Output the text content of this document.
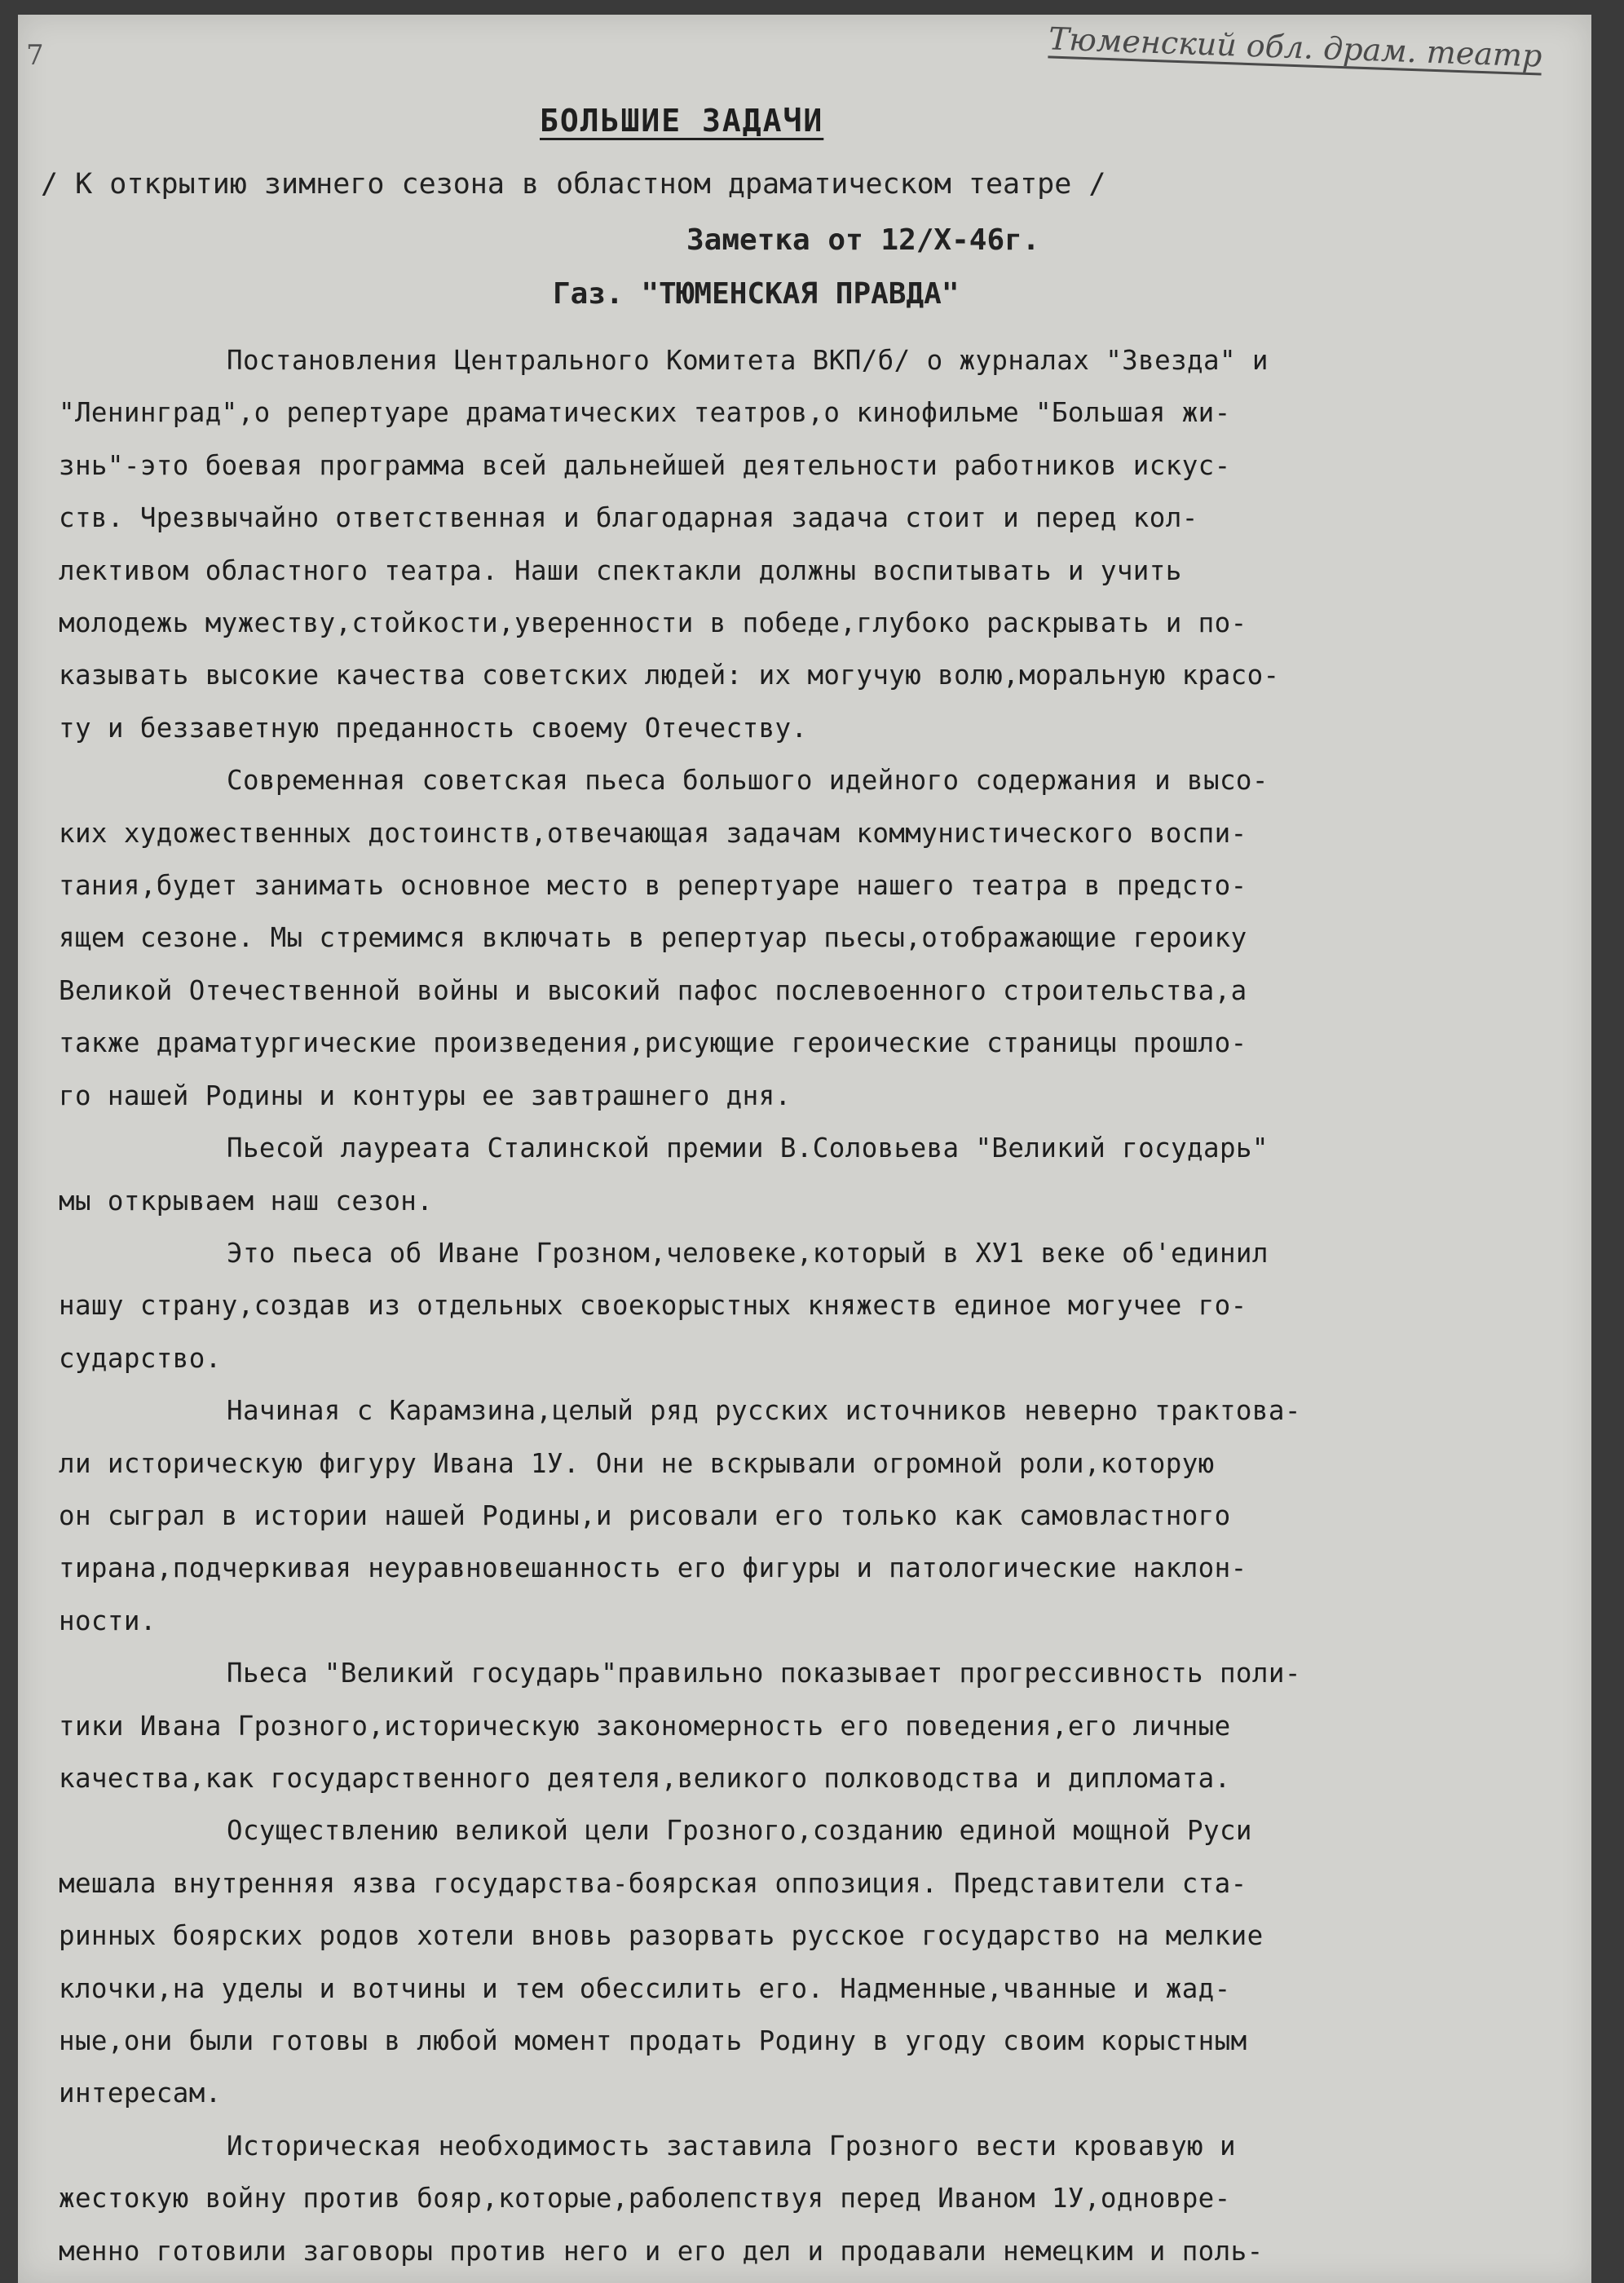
7	Тюменский обл. драм. театр
БОЛЬШИЕ ЗАДАЧИ
/ К открытию зимнего сезона в областном драматическом театре /
Заметка от 12/Х-46г.
Газ. "ТЮМЕНСКАЯ ПРАВДА"
Постановления Центрального Комитета ВКП/б/ о журналах "Звезда" и
"Ленинград",о репертуаре драматических театров,о кинофильме "Большая жи-
знь"-это боевая программа всей дальнейшей деятельности работников искус-
ств. Чрезвычайно ответственная и благодарная задача стоит и перед кол-
лективом областного театра. Наши спектакли должны воспитывать и учить
молодежь мужеству,стойкости,уверенности в победе,глубоко раскрывать и по-
казывать высокие качества советских людей: их могучую волю,моральную красо-
ту и беззаветную преданность своему Отечеству.
Современная советская пьеса большого идейного содержания и высо-
ких художественных достоинств,отвечающая задачам коммунистического воспи-
тания,будет занимать основное место в репертуаре нашего театра в предсто-
ящем сезоне. Мы стремимся включать в репертуар пьесы,отображающие героику
Великой Отечественной войны и высокий пафос послевоенного строительства,а
также драматургические произведения,рисующие героические страницы прошло-
го нашей Родины и контуры ее завтрашнего дня.
Пьесой лауреата Сталинской премии В.Соловьева "Великий государь"
мы открываем наш сезон.
Это пьеса об Иване Грозном,человеке,который в ХУ1 веке об'единил
нашу страну,создав из отдельных своекорыстных княжеств единое могучее го-
сударство.
Начиная с Карамзина,целый ряд русских источников неверно трактова-
ли историческую фигуру Ивана 1У. Они не вскрывали огромной роли,которую
он сыграл в истории нашей Родины,и рисовали его только как самовластного
тирана,подчеркивая неуравновешанность его фигуры и патологические наклон-
ности.
Пьеса "Великий государь"правильно показывает прогрессивность поли-
тики Ивана Грозного,историческую закономерность его поведения,его личные
качества,как государственного деятеля,великого полководства и дипломата.
Осуществлению великой цели Грозного,созданию единой мощной Руси
мешала внутренняя язва государства-боярская оппозиция. Представители ста-
ринных боярских родов хотели вновь разорвать русское государство на мелкие
клочки,на уделы и вотчины и тем обессилить его. Надменные,чванные и жад-
ные,они были готовы в любой момент продать Родину в угоду своим корыстным
интересам.
Историческая необходимость заставила Грозного вести кровавую и
жестокую войну против бояр,которые,раболепствуя перед Иваном 1У,одновре-
менно готовили заговоры против него и его дел и продавали немецким и поль-
